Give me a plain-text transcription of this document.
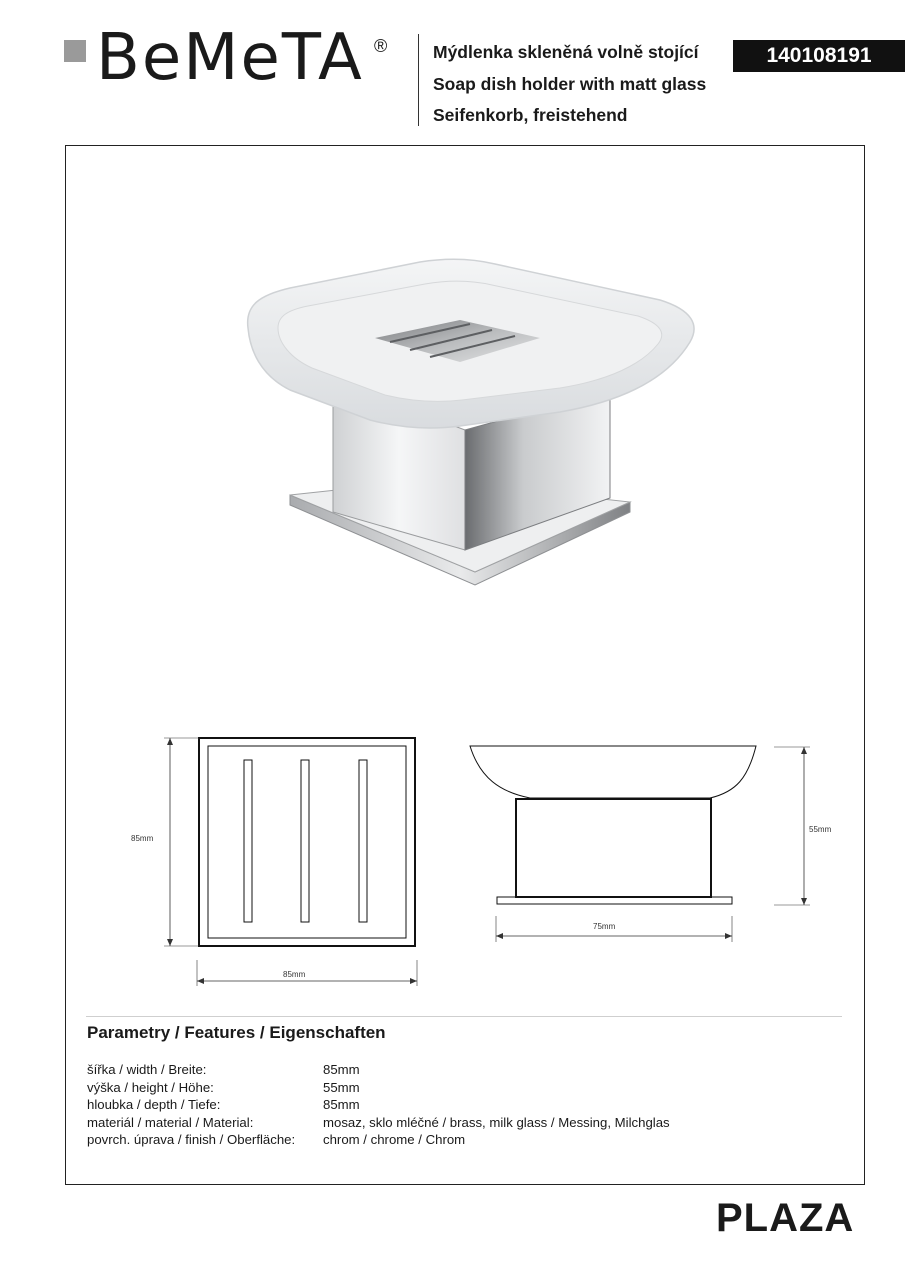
BeMeTA ®	Mýdlenka skleněná volně stojící
Soap dish holder with matt glass
Seifenkorb, freistehend
140108191
85mm
85mm
55mm
75mm
Parametry / Features / Eigenschaften
šířka / width / Breite:	85mm
výška / height / Höhe:	55mm
hloubka / depth / Tiefe:	85mm
materiál / material / Material:	mosaz, sklo mléčné / brass, milk glass / Messing, Milchglas
povrch. úprava / finish / Oberfläche: chrom / chrome / Chrom
PLAZA
